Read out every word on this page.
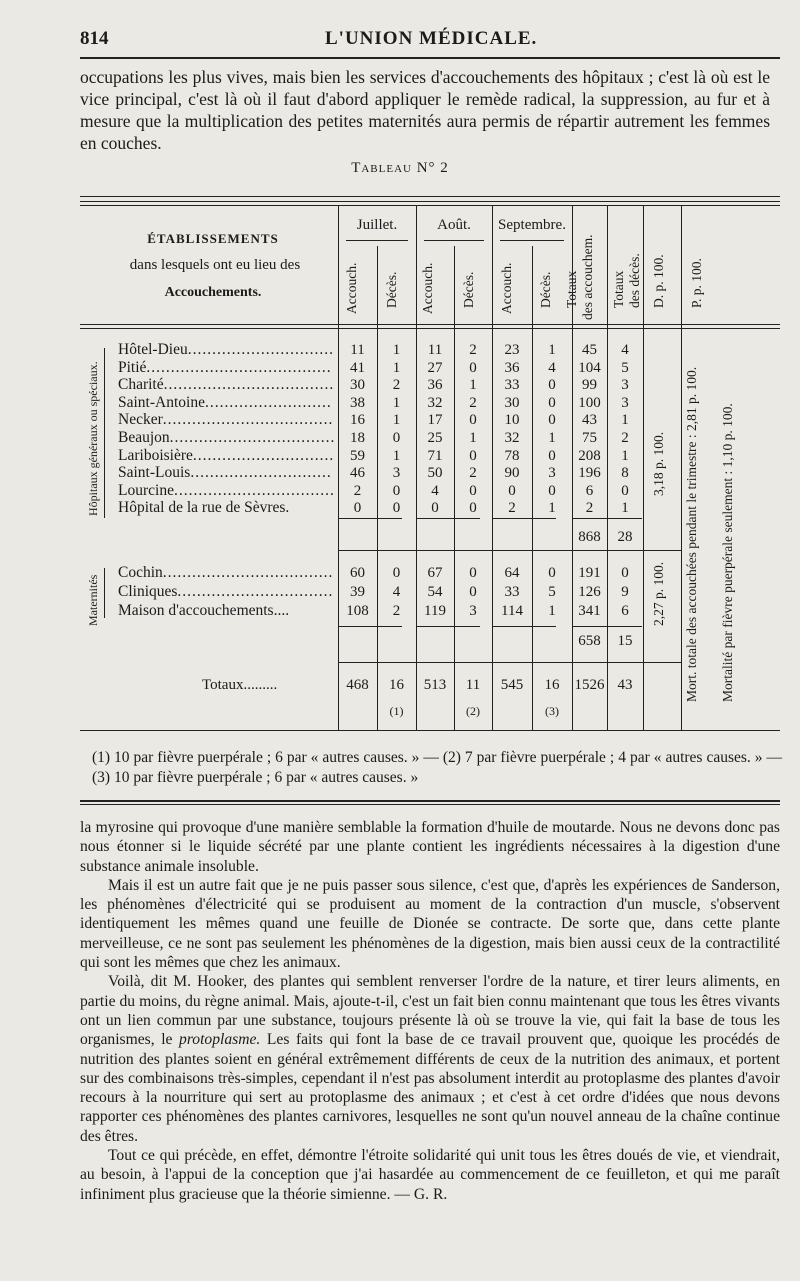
814	L'UNION MÉDICALE.

occupations les plus vives, mais bien les services d'accouchements des hôpitaux ; c'est là où est le vice principal, c'est là où il faut d'abord appliquer le remède radical, la suppression, au fur et à mesure que la multiplication des petites maternités aura permis de répartir autrement les femmes en couches.

Tableau N° 2
ÉTABLISSEMENTS
dans lesquels ont eu lieu des
Accouchements.
Juillet.	Août.	Septembre.
Accouch. Décès. Accouch. Décès. Accouch. Décès. Totaux des accouchem. Totaux des décès. D. p. 100. P. p. 100.
Hôpitaux généraux ou spéciaux.
Maternités
Hôtel-Dieu..............................	11	1	11	2	23	1	45	4
Pitié......................................	41	1	27	0	36	4	104	5
Charité...................................	30	2	36	1	33	0	99	3
Saint-Antoine..........................	38	1	32	2	30	0	100	3
Necker...................................	16	1	17	0	10	0	43	1
Beaujon.................................. 18	0	25	1	32	1	75	2
Lariboisière.............................	59	1	71	0	78	0	208	1
Saint-Louis.............................	46	3	50	2	90	3	196	8
Lourcine.................................	2	0	4	0	0	0	6	0
Hôpital de la rue de Sèvres.	0	0	0	0	2	1	2	1
Cochin...................................	60	0	67	0	64	0	191	0
Cliniques................................	39	4	54	0	33	5	126	9
Maison d'accouchements....	108	2	119	3	114	1	341	6
868	28
3,18 p. 100.
2,27 p. 100.
658	15
Totaux.........	468	16	513	11	545	16	1526 43
(1)	(2)	(3)
Mort. totale des accouchées pendant le trimestre : 2,81 p. 100. Mortalité par fièvre puerpérale seulement : 1,10 p. 100.

(1) 10 par fièvre puerpérale ; 6 par « autres causes. » — (2) 7 par fièvre puerpérale ; 4 par « autres causes. » — (3) 10 par fièvre puerpérale ; 6 par « autres causes. »

la myrosine qui provoque d'une manière semblable la formation d'huile de moutarde. Nous ne devons donc pas nous étonner si le liquide sécrété par une plante contient les ingrédients nécessaires à la digestion d'une substance animale insoluble.

Mais il est un autre fait que je ne puis passer sous silence, c'est que, d'après les expériences de Sanderson, les phénomènes d'électricité qui se produisent au moment de la contraction d'un muscle, s'observent identiquement les mêmes quand une feuille de Dionée se contracte. De sorte que, dans cette plante merveilleuse, ce ne sont pas seulement les phénomènes de la digestion, mais bien aussi ceux de la contractilité qui sont les mêmes que chez les animaux.

Voilà, dit M. Hooker, des plantes qui semblent renverser l'ordre de la nature, et tirer leurs aliments, en partie du moins, du règne animal. Mais, ajoute-t-il, c'est un fait bien connu maintenant que tous les êtres vivants ont un lien commun par une substance, toujours présente là où se trouve la vie, qui fait la base de tous les organismes, le protoplasme. Les faits qui font la base de ce travail prouvent que, quoique les procédés de nutrition des plantes soient en général extrêmement différents de ceux de la nutrition des animaux, et portent sur des combinaisons très-simples, cependant il n'est pas absolument interdit au protoplasme des plantes d'avoir recours à la nourriture qui sert au protoplasme des animaux ; et c'est à cet ordre d'idées que nous devons rapporter ces phénomènes des plantes carnivores, lesquelles ne sont qu'un nouvel anneau de la chaîne continue des êtres.

Tout ce qui précède, en effet, démontre l'étroite solidarité qui unit tous les êtres doués de vie, et viendrait, au besoin, à l'appui de la conception que j'ai hasardée au commencement de ce feuilleton, et qui me paraît infiniment plus gracieuse que la théorie simienne. — G. R.
